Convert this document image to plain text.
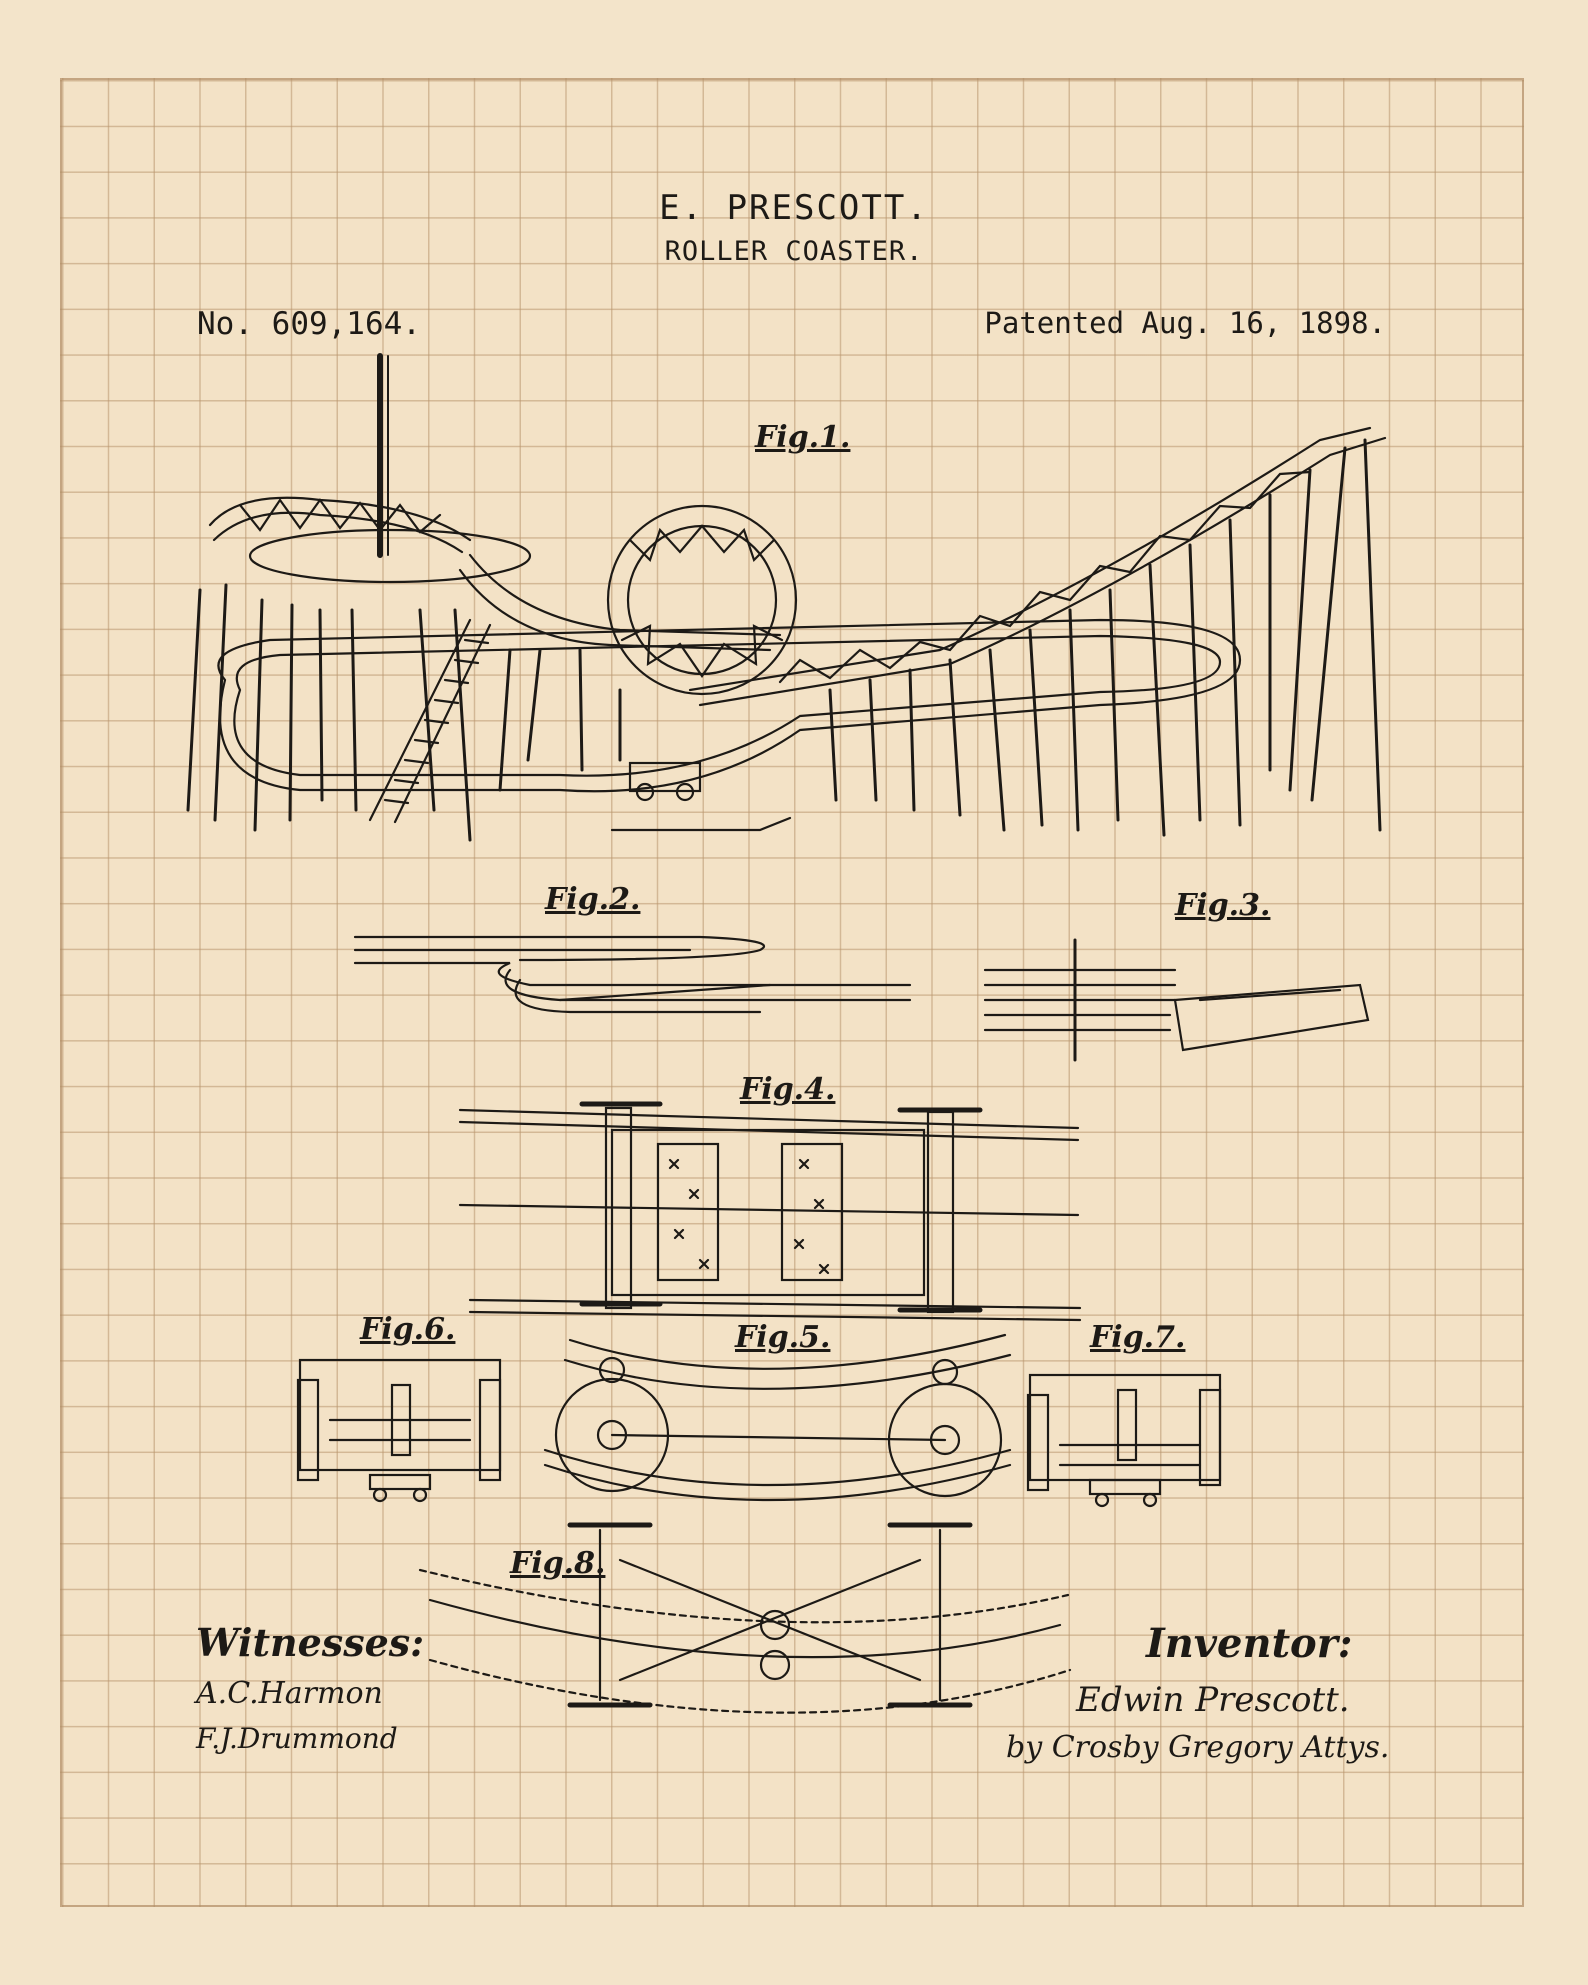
E. PRESCOTT.
ROLLER COASTER.
No. 609,164.	Patented Aug. 16, 1898.
Fig.1.
Fig.2.	Fig.3.
Fig.4.
Fig.5.
Fig.6.	Fig.7.
Fig.8.
Witnesses:
A.C.Harmon
F.J.Drummond
Inventor:
Edwin Prescott.
by Crosby Gregory Attys.
